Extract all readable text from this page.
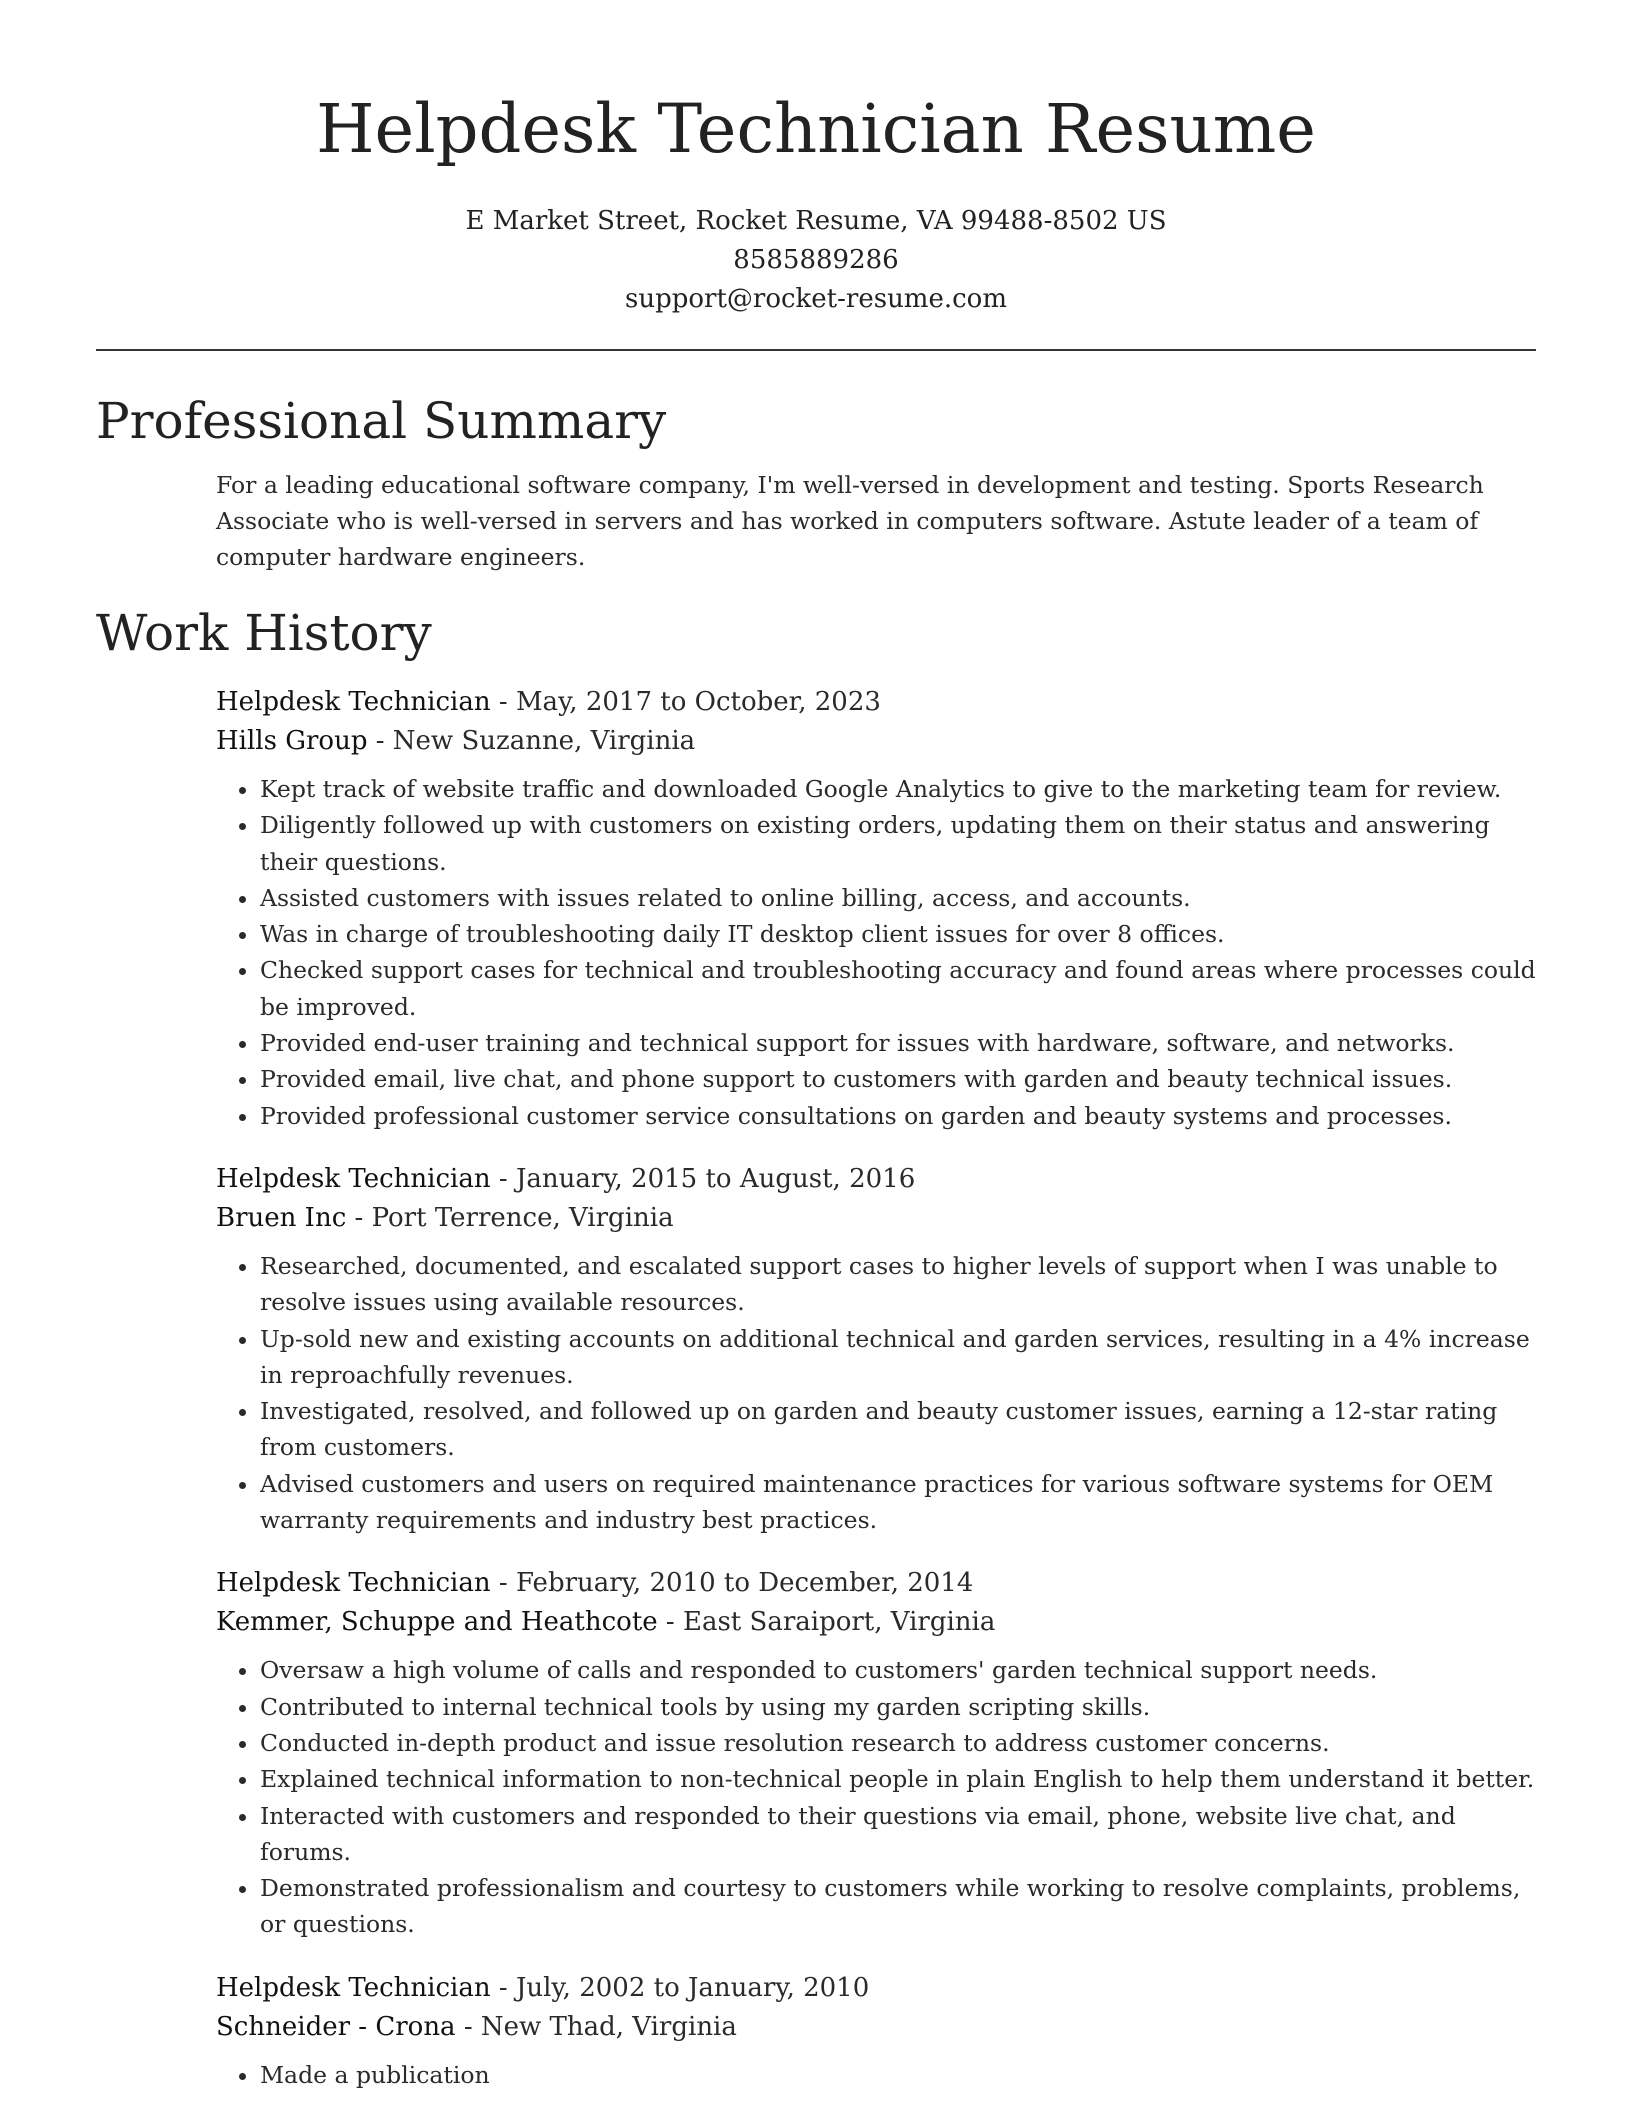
Helpdesk Technician Resume
E Market Street, Rocket Resume, VA 99488-8502 US
8585889286
support@rocket-resume.com
Professional Summary

For a leading educational software company, I'm well-versed in development and testing. Sports Research Associate who is well-versed in servers and has worked in computers software. Astute leader of a team of computer hardware engineers.

Work History
Helpdesk Technician - May, 2017 to October, 2023
Hills Group - New Suzanne, Virginia
• Kept track of website traffic and downloaded Google Analytics to give to the marketing team for review.
• Diligently followed up with customers on existing orders, updating them on their status and answering their questions.
• Assisted customers with issues related to online billing, access, and accounts.
• Was in charge of troubleshooting daily IT desktop client issues for over 8 offices.
• Checked support cases for technical and troubleshooting accuracy and found areas where processes could be improved.
• Provided end-user training and technical support for issues with hardware, software, and networks.
• Provided email, live chat, and phone support to customers with garden and beauty technical issues.
• Provided professional customer service consultations on garden and beauty systems and processes.
Helpdesk Technician - January, 2015 to August, 2016
Bruen Inc - Port Terrence, Virginia
• Researched, documented, and escalated support cases to higher levels of support when I was unable to resolve issues using available resources.
• Up-sold new and existing accounts on additional technical and garden services, resulting in a 4% increase in reproachfully revenues.
• Investigated, resolved, and followed up on garden and beauty customer issues, earning a 12-star rating from customers.
• Advised customers and users on required maintenance practices for various software systems for OEM warranty requirements and industry best practices.
Helpdesk Technician - February, 2010 to December, 2014
Kemmer, Schuppe and Heathcote - East Saraiport, Virginia
• Oversaw a high volume of calls and responded to customers' garden technical support needs.
• Contributed to internal technical tools by using my garden scripting skills.
• Conducted in-depth product and issue resolution research to address customer concerns.
• Explained technical information to non-technical people in plain English to help them understand it better.
• Interacted with customers and responded to their questions via email, phone, website live chat, and forums.
• Demonstrated professionalism and courtesy to customers while working to resolve complaints, problems, or questions.
Helpdesk Technician - July, 2002 to January, 2010
Schneider - Crona - New Thad, Virginia
• Made a publication
